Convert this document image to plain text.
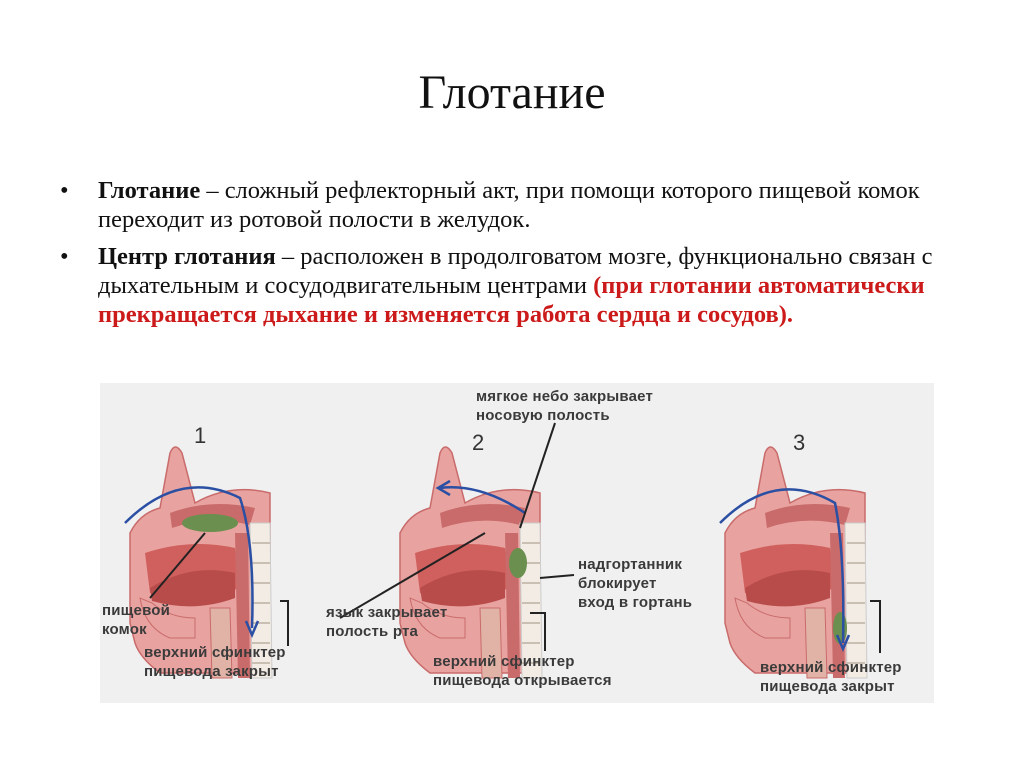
Глотание
• Глотание – сложный рефлекторный акт, при помощи которого пищевой комок переходит из ротовой полости в желудок.
• Центр глотания – расположен в продолговатом мозге, функционально связан с дыхательным и сосудодвигательным центрами (при глотании автоматически прекращается дыхание и изменяется работа сердца и сосудов).
1	2	3
пищевой
комок
верхний сфинктер
пищевода закрыт
мягкое небо закрывает
носовую полость
надгортанник
блокирует
вход в гортань
язык закрывает
полость рта
верхний сфинктер
пищевода открывается
верхний сфинктер
пищевода закрыт
